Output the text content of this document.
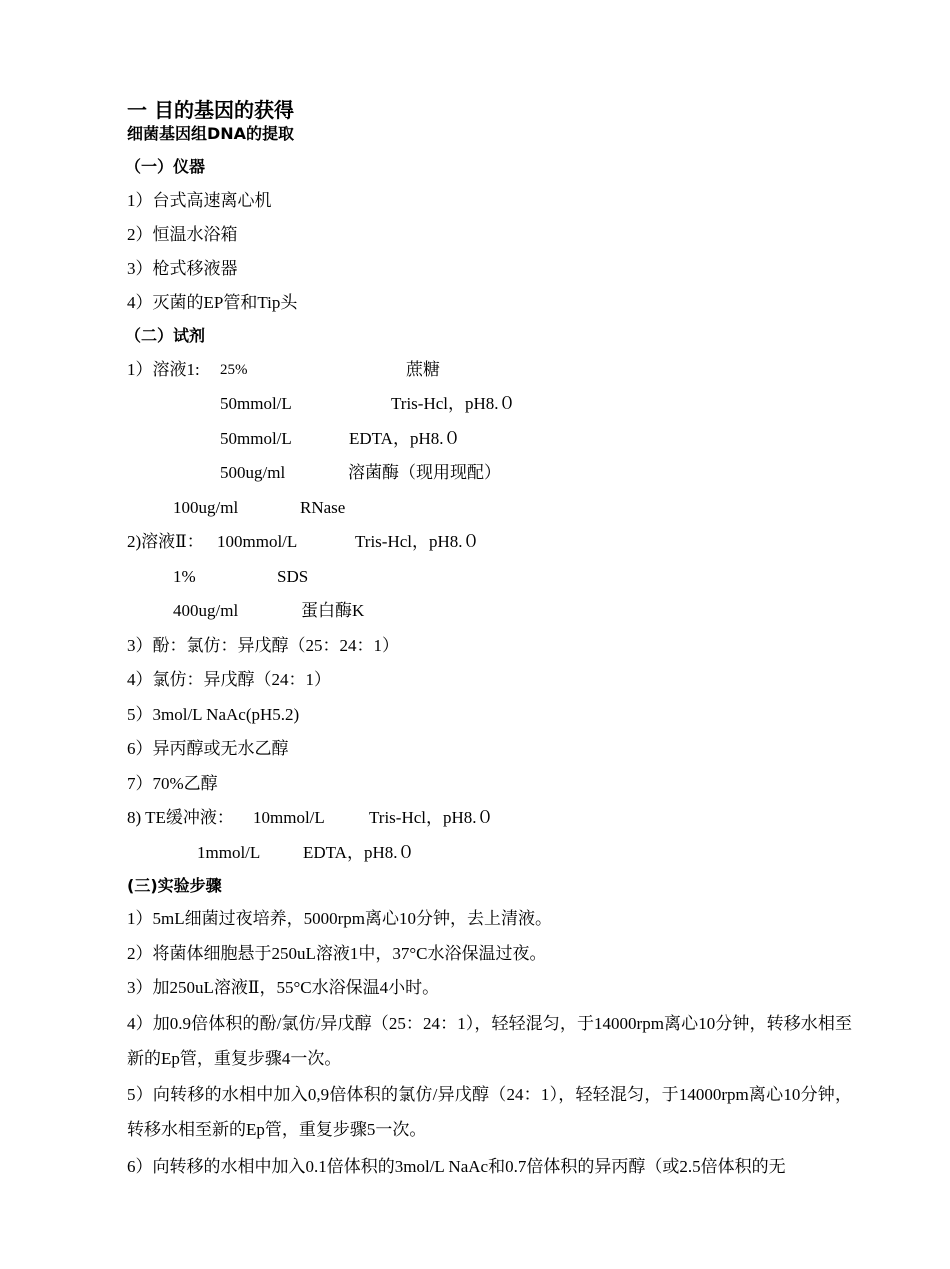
一 目的基因的获得
细菌基因组DNA的提取
（一）仪器
1）台式高速离心机
2）恒温水浴箱
3）枪式移液器
4）灭菌的EP管和Tip头
（二）试剂
1）溶液1: 25%	蔗糖
50mmol/L	Tris-Hcl，pH8.０
50mmol/L	EDTA，pH8.０
500ug/ml	溶菌酶（现用现配）
100ug/ml	RNase
2)溶液Ⅱ： 100mmol/L	Tris-Hcl，pH8.０
1%	SDS
400ug/ml	蛋白酶K
3）酚：氯仿：异戊醇（25：24：1）
4）氯仿：异戊醇（24：1）
5）3mol/L NaAc(pH5.2)
6）异丙醇或无水乙醇
7）70%乙醇
8) TE缓冲液： 10mmol/L	Tris-Hcl，pH8.０
1mmol/L	EDTA，pH8.０
(三)实验步骤
1）5mL细菌过夜培养，5000rpm离心10分钟，去上清液。
2）将菌体细胞悬于250uL溶液1中，37°C水浴保温过夜。
3）加250uL溶液Ⅱ，55°C水浴保温4小时。
4）加0.9倍体积的酚/氯仿/异戊醇（25：24：1），轻轻混匀，于14000rpm离心10分钟，转移水相至新的Ep管，重复步骤4一次。
5）向转移的水相中加入0,9倍体积的氯仿/异戊醇（24：1），轻轻混匀，于14000rpm离心10分钟，转移水相至新的Ep管，重复步骤5一次。
6）向转移的水相中加入0.1倍体积的3mol/L NaAc和0.7倍体积的异丙醇（或2.5倍体积的无
